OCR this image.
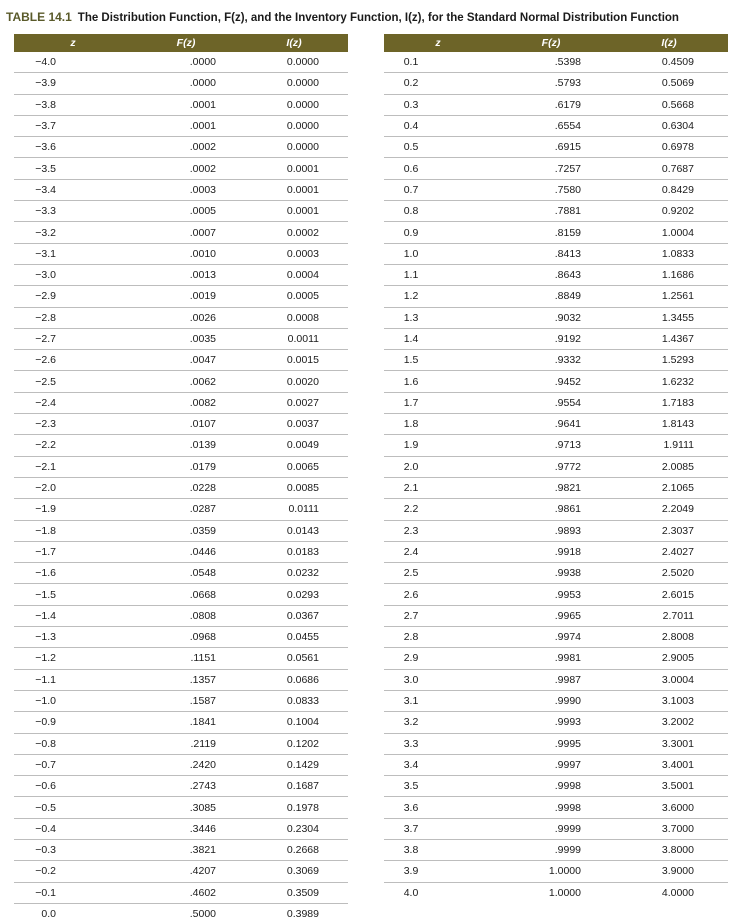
TABLE 14.1 The Distribution Function, F(z), and the Inventory Function, I(z), for the Standard Normal Distribution Function
z	F(z)	I(z)
−4.0	.0000	0.0000
−3.9	.0000	0.0000
−3.8	.0001	0.0000
−3.7	.0001	0.0000
−3.6	.0002	0.0000
−3.5	.0002	0.0001
−3.4	.0003	0.0001
−3.3	.0005	0.0001
−3.2	.0007	0.0002
−3.1	.0010	0.0003
−3.0	.0013	0.0004
−2.9	.0019	0.0005
−2.8	.0026	0.0008
−2.7	.0035	0.0011
−2.6	.0047	0.0015
−2.5	.0062	0.0020
−2.4	.0082	0.0027
−2.3	.0107	0.0037
−2.2	.0139	0.0049
−2.1	.0179	0.0065
−2.0	.0228	0.0085
−1.9	.0287	0.0111
−1.8	.0359	0.0143
−1.7	.0446	0.0183
−1.6	.0548	0.0232
−1.5	.0668	0.0293
−1.4	.0808	0.0367
−1.3	.0968	0.0455
−1.2	.1151	0.0561
−1.1	.1357	0.0686
−1.0	.1587	0.0833
−0.9	.1841	0.1004
−0.8	.2119	0.1202
−0.7	.2420	0.1429
−0.6	.2743	0.1687
−0.5	.3085	0.1978
−0.4	.3446	0.2304
−0.3	.3821	0.2668
−0.2	.4207	0.3069
−0.1	.4602	0.3509
0.0	.5000	0.3989
z	F(z)	I(z)
0.1	.5398	0.4509
0.2	.5793	0.5069
0.3	.6179	0.5668
0.4	.6554	0.6304
0.5	.6915	0.6978
0.6	.7257	0.7687
0.7	.7580	0.8429
0.8	.7881	0.9202
0.9	.8159	1.0004
1.0	.8413	1.0833
1.1	.8643	1.1686
1.2	.8849	1.2561
1.3	.9032	1.3455
1.4	.9192	1.4367
1.5	.9332	1.5293
1.6	.9452	1.6232
1.7	.9554	1.7183
1.8	.9641	1.8143
1.9	.9713	1.9111
2.0	.9772	2.0085
2.1	.9821	2.1065
2.2	.9861	2.2049
2.3	.9893	2.3037
2.4	.9918	2.4027
2.5	.9938	2.5020
2.6	.9953	2.6015
2.7	.9965	2.7011
2.8	.9974	2.8008
2.9	.9981	2.9005
3.0	.9987	3.0004
3.1	.9990	3.1003
3.2	.9993	3.2002
3.3	.9995	3.3001
3.4	.9997	3.4001
3.5	.9998	3.5001
3.6	.9998	3.6000
3.7	.9999	3.7000
3.8	.9999	3.8000
3.9	1.0000	3.9000
4.0	1.0000	4.0000
